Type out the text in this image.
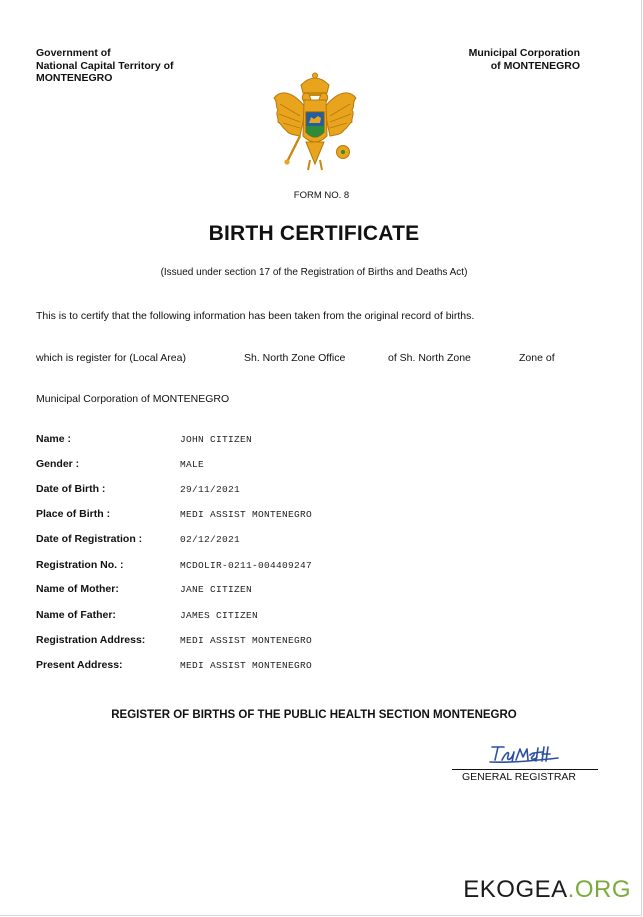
Government of
National Capital Territory of
MONTENEGRO
Municipal Corporation
of MONTENEGRO
FORM NO. 8
BIRTH CERTIFICATE
(Issued under section 17 of the Registration of Births and Deaths Act)
This is to certify that the following information has been taken from the original record of births.
which is register for (Local Area)	Sh. North Zone Office	of Sh. North Zone	Zone of
Municipal Corporation of MONTENEGRO
Name :	JOHN CITIZEN
Gender :	MALE
Date of Birth :	29/11/2021
Place of Birth :	MEDI ASSIST MONTENEGRO
Date of Registration :	02/12/2021
Registration No. :	MCDOLIR-0211-004409247
Name of Mother:	JANE CITIZEN
Name of Father:	JAMES CITIZEN
Registration Address:	MEDI ASSIST MONTENEGRO
Present Address:	MEDI ASSIST MONTENEGRO
REGISTER OF BIRTHS OF THE PUBLIC HEALTH SECTION MONTENEGRO
GENERAL REGISTRAR
EKOGEA.ORG
